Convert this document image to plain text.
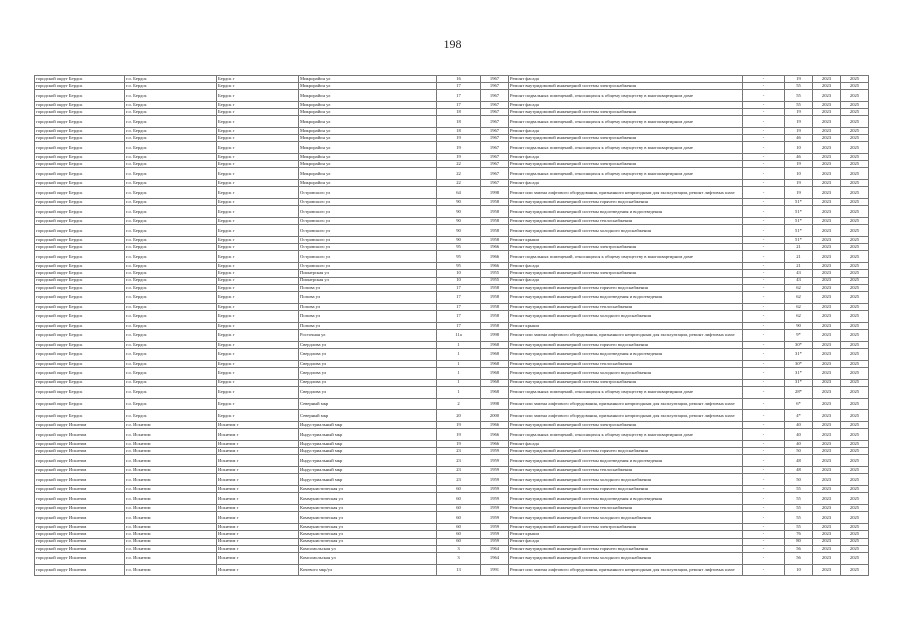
198
городской округ Бердск	г.о. Бердск	Бердск г	Микрорайон ул	16	1967	Ремонт фасада	-	19	2023	2025
городской округ Бердск	г.о. Бердск	Бердск г	Микрорайон ул	17	1967	Ремонт внутридомовой инженерной системы электроснабжения	-	55	2023	2025
городской округ Бердск	г.о. Бердск	Бердск г	Микрорайон ул	17	1967	Ремонт подвальных помещений, относящихся к общему имуществу в многоквартирном доме	-	55	2023	2025
городской округ Бердск	г.о. Бердск	Бердск г	Микрорайон ул	17	1967	Ремонт фасада	-	55	2023	2025
городской округ Бердск	г.о. Бердск	Бердск г	Микрорайон ул	18	1967	Ремонт внутридомовой инженерной системы электроснабжения	-	19	2023	2025
городской округ Бердск	г.о. Бердск	Бердск г	Микрорайон ул	18	1967	Ремонт подвальных помещений, относящихся к общему имуществу в многоквартирном доме	-	19	2023	2025
городской округ Бердск	г.о. Бердск	Бердск г	Микрорайон ул	18	1967	Ремонт фасада	-	19	2023	2025
городской округ Бердск	г.о. Бердск	Бердск г	Микрорайон ул	19	1967	Ремонт внутридомовой инженерной системы электроснабжения	-	46	2023	2025
городской округ Бердск	г.о. Бердск	Бердск г	Микрорайон ул	19	1967	Ремонт подвальных помещений, относящихся к общему имуществу в многоквартирном доме	-	10	2023	2025
городской округ Бердск	г.о. Бердск	Бердск г	Микрорайон ул	19	1967	Ремонт фасада	-	46	2023	2025
городской округ Бердск	г.о. Бердск	Бердск г	Микрорайон ул	22	1967	Ремонт внутридомовой инженерной системы электроснабжения	-	19	2023	2025
городской округ Бердск	г.о. Бердск	Бердск г	Микрорайон ул	22	1967	Ремонт подвальных помещений, относящихся к общему имуществу в многоквартирном доме	-	10	2023	2025
городской округ Бердск	г.о. Бердск	Бердск г	Микрорайон ул	22	1967	Ремонт фасада	-	19	2023	2025
городской округ Бердск	г.о. Бердск	Бердск г	Островского ул	64	1998	Ремонт или замена лифтового оборудования, признанного непригодным для эксплуатации, ремонт лифтовых шахт	-	19	2023	2025
городской округ Бердск	г.о. Бердск	Бердск г	Островского ул	90	1958	Ремонт внутридомовой инженерной системы горячего водоснабжения	-	51*	2023	2025
городской округ Бердск	г.о. Бердск	Бердск г	Островского ул	90	1958	Ремонт внутридомовой инженерной системы водоотведения и водоотведения	-	51*	2023	2025
городской округ Бердск	г.о. Бердск	Бердск г	Островского ул	90	1958	Ремонт внутридомовой инженерной системы теплоснабжения	-	51*	2023	2025
городской округ Бердск	г.о. Бердск	Бердск г	Островского ул	90	1958	Ремонт внутридомовой инженерной системы холодного водоснабжения	-	51*	2023	2025
городской округ Бердск	г.о. Бердск	Бердск г	Островского ул	90	1958	Ремонт крыши	-	51*	2023	2025
городской округ Бердск	г.о. Бердск	Бердск г	Островского ул	95	1966	Ремонт внутридомовой инженерной системы электроснабжения	-	21	2023	2025
городской округ Бердск	г.о. Бердск	Бердск г	Островского ул	95	1966	Ремонт подвальных помещений, относящихся к общему имуществу в многоквартирном доме	-	21	2023	2025
городской округ Бердск	г.о. Бердск	Бердск г	Островского ул	95	1966	Ремонт фасада	-	21	2023	2025
городской округ Бердск	г.о. Бердск	Бердск г	Пионерская ул	10	1955	Ремонт внутридомовой инженерной системы электроснабжения	-	43	2023	2025
городской округ Бердск	г.о. Бердск	Бердск г	Пионерская ул	10	1955	Ремонт фасада	-	43	2023	2025
городской округ Бердск	г.о. Бердск	Бердск г	Попова ул	17	1958	Ремонт внутридомовой инженерной системы горячего водоснабжения	-	62	2023	2025
городской округ Бердск	г.о. Бердск	Бердск г	Попова ул	17	1958	Ремонт внутридомовой инженерной системы водоотведения и водоотведения	-	62	2023	2025
городской округ Бердск	г.о. Бердск	Бердск г	Попова ул	17	1958	Ремонт внутридомовой инженерной системы теплоснабжения	-	62	2023	2025
городской округ Бердск	г.о. Бердск	Бердск г	Попова ул	17	1958	Ремонт внутридомовой инженерной системы холодного водоснабжения	-	62	2023	2025
городской округ Бердск	г.о. Бердск	Бердск г	Попова ул	17	1958	Ремонт крыши	-	90	2023	2025
городской округ Бердск	г.о. Бердск	Бердск г	Росточная ул	11а	1998	Ремонт или замена лифтового оборудования, признанного непригодным для эксплуатации, ремонт лифтовых шахт	-	9*	2023	2025
городской округ Бердск	г.о. Бердск	Бердск г	Свердлова ул	1	1968	Ремонт внутридомовой инженерной системы горячего водоснабжения	-	30*	2023	2025
городской округ Бердск	г.о. Бердск	Бердск г	Свердлова ул	1	1968	Ремонт внутридомовой инженерной системы водоотведения и водоотведения	-	31*	2023	2025
городской округ Бердск	г.о. Бердск	Бердск г	Свердлова ул	1	1968	Ремонт внутридомовой инженерной системы теплоснабжения	-	30*	2023	2025
городской округ Бердск	г.о. Бердск	Бердск г	Свердлова ул	1	1968	Ремонт внутридомовой инженерной системы холодного водоснабжения	-	31*	2023	2025
городской округ Бердск	г.о. Бердск	Бердск г	Свердлова ул	1	1968	Ремонт внутридомовой инженерной системы электроснабжения	-	31*	2023	2025
городской округ Бердск	г.о. Бердск	Бердск г	Свердлова ул	1	1968	Ремонт подвальных помещений, относящихся к общему имуществу в многоквартирном доме	-	28*	2023	2025
городской округ Бердск	г.о. Бердск	Бердск г	Северный мкр	2	1998	Ремонт или замена лифтового оборудования, признанного непригодным для эксплуатации, ремонт лифтовых шахт	-	6*	2023	2025
городской округ Бердск	г.о. Бердск	Бердск г	Северный мкр	20	2000	Ремонт или замена лифтового оборудования, признанного непригодным для эксплуатации, ремонт лифтовых шахт	-	4*	2023	2025
городской округ Искитим	г.о. Искитим	Искитим г	Индустриальный мкр	19	1966	Ремонт внутридомовой инженерной системы электроснабжения	-	40	2023	2025
городской округ Искитим	г.о. Искитим	Искитим г	Индустриальный мкр	19	1966	Ремонт подвальных помещений, относящихся к общему имуществу в многоквартирном доме	-	40	2023	2025
городской округ Искитим	г.о. Искитим	Искитим г	Индустриальный мкр	19	1966	Ремонт фасада	-	40	2023	2025
городской округ Искитим	г.о. Искитим	Искитим г	Индустриальный мкр	23	1959	Ремонт внутридомовой инженерной системы горячего водоснабжения	-	50	2023	2025
городской округ Искитим	г.о. Искитим	Искитим г	Индустриальный мкр	23	1959	Ремонт внутридомовой инженерной системы водоотведения и водоотведения	-	48	2023	2025
городской округ Искитим	г.о. Искитим	Искитим г	Индустриальный мкр	23	1959	Ремонт внутридомовой инженерной системы теплоснабжения	-	48	2023	2025
городской округ Искитим	г.о. Искитим	Искитим г	Индустриальный мкр	23	1959	Ремонт внутридомовой инженерной системы холодного водоснабжения	-	50	2023	2025
городской округ Искитим	г.о. Искитим	Искитим г	Коммунистическая ул	60	1959	Ремонт внутридомовой инженерной системы горячего водоснабжения	-	55	2023	2025
городской округ Искитим	г.о. Искитим	Искитим г	Коммунистическая ул	60	1959	Ремонт внутридомовой инженерной системы водоотведения и водоотведения	-	55	2023	2025
городской округ Искитим	г.о. Искитим	Искитим г	Коммунистическая ул	60	1959	Ремонт внутридомовой инженерной системы теплоснабжения	-	55	2023	2025
городской округ Искитим	г.о. Искитим	Искитим г	Коммунистическая ул	60	1959	Ремонт внутридомовой инженерной системы холодного водоснабжения	-	55	2023	2025
городской округ Искитим	г.о. Искитим	Искитим г	Коммунистическая ул	60	1959	Ремонт внутридомовой инженерной системы электроснабжения	-	55	2023	2025
городской округ Искитим	г.о. Искитим	Искитим г	Коммунистическая ул	60	1959	Ремонт крыши	-	76	2023	2025
городской округ Искитим	г.о. Искитим	Искитим г	Коммунистическая ул	60	1959	Ремонт фасада	-	80	2023	2025
городской округ Искитим	г.о. Искитим	Искитим г	Комсомольская ул	3	1964	Ремонт внутридомовой инженерной системы горячего водоснабжения	-	56	2023	2025
городской округ Искитим	г.о. Искитим	Искитим г	Комсомольская ул	3	1964	Ремонт внутридомовой инженерной системы холодного водоснабжения	-	56	2023	2025
городской округ Искитим	г.о. Искитим	Искитим г	Кочевого мкр/ул	13	1991	Ремонт или замена лифтового оборудования, признанного непригодным для эксплуатации, ремонт лифтовых шахт	-	10	2023	2025
